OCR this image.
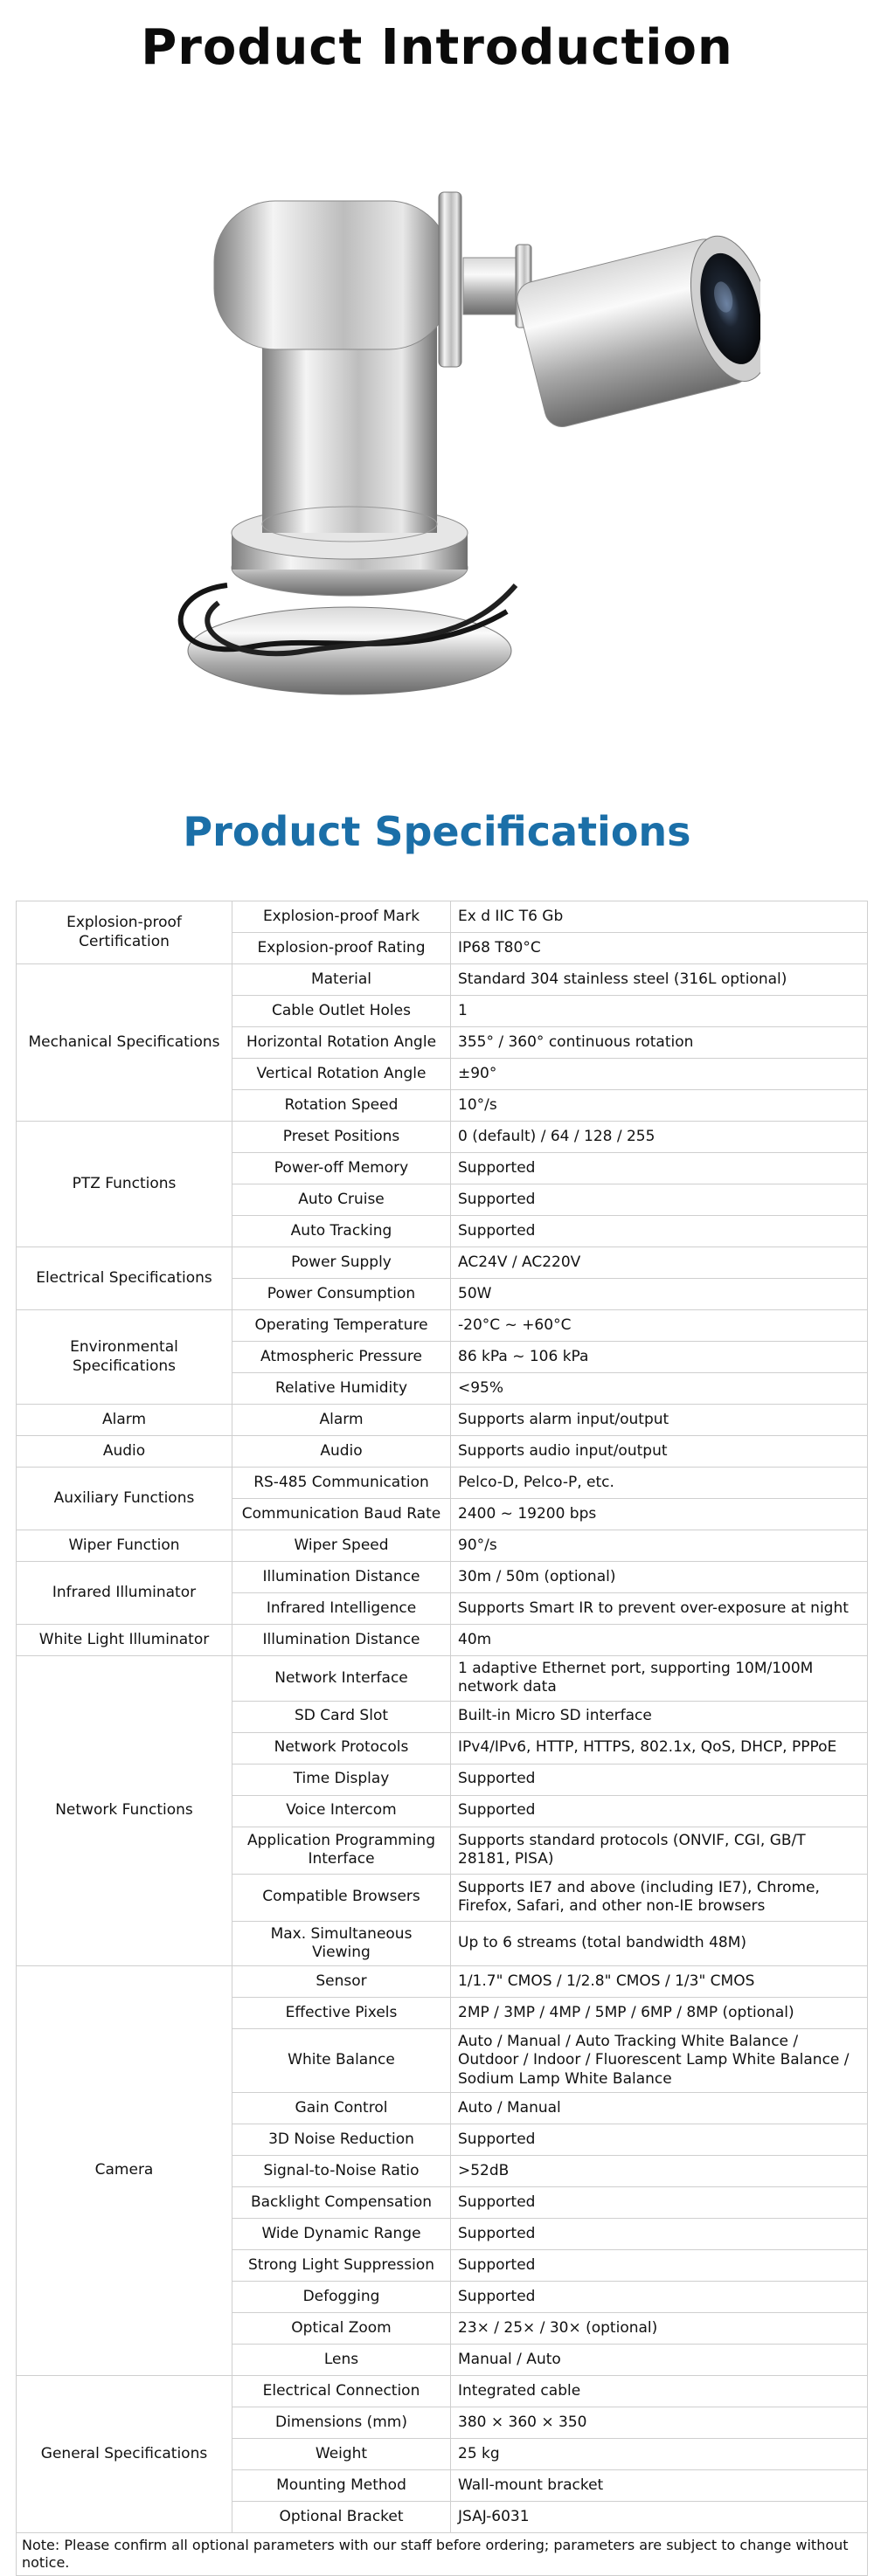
Product Introduction
Product Specifications
Explosion-proof Certification	Explosion-proof Mark	Ex d IIC T6 Gb
	Explosion-proof Rating	IP68 T80°C
Mechanical Specifications	Material	Standard 304 stainless steel (316L optional)
	Cable Outlet Holes	1
	Horizontal Rotation Angle	355° / 360° continuous rotation
	Vertical Rotation Angle	±90°
	Rotation Speed	10°/s
PTZ Functions	Preset Positions	0 (default) / 64 / 128 / 255
	Power-off Memory	Supported
	Auto Cruise	Supported
	Auto Tracking	Supported
Electrical Specifications	Power Supply	AC24V / AC220V
	Power Consumption	50W
Environmental Specifications	Operating Temperature	-20°C ~ +60°C
	Atmospheric Pressure	86 kPa ~ 106 kPa
	Relative Humidity	<95%
Alarm	Alarm	Supports alarm input/output
Audio	Audio	Supports audio input/output
Auxiliary Functions	RS-485 Communication	Pelco-D, Pelco-P, etc.
	Communication Baud Rate	2400 ~ 19200 bps
Wiper Function	Wiper Speed	90°/s
Infrared Illuminator	Illumination Distance	30m / 50m (optional)
	Infrared Intelligence	Supports Smart IR to prevent over-exposure at night
White Light Illuminator	Illumination Distance	40m
Network Functions	Network Interface	1 adaptive Ethernet port, supporting 10M/100M network data
	SD Card Slot	Built-in Micro SD interface
	Network Protocols	IPv4/IPv6, HTTP, HTTPS, 802.1x, QoS, DHCP, PPPoE
	Time Display	Supported
	Voice Intercom	Supported
	Application Programming Interface	Supports standard protocols (ONVIF, CGI, GB/T 28181, PISA)
	Compatible Browsers	Supports IE7 and above (including IE7), Chrome, Firefox, Safari, and other non-IE browsers
	Max. Simultaneous Viewing	Up to 6 streams (total bandwidth 48M)
Camera	Sensor	1/1.7" CMOS / 1/2.8" CMOS / 1/3" CMOS
	Effective Pixels	2MP / 3MP / 4MP / 5MP / 6MP / 8MP (optional)
	White Balance	Auto / Manual / Auto Tracking White Balance / Outdoor / Indoor / Fluorescent Lamp White Balance / Sodium Lamp White Balance
	Gain Control	Auto / Manual
	3D Noise Reduction	Supported
	Signal-to-Noise Ratio	>52dB
	Backlight Compensation	Supported
	Wide Dynamic Range	Supported
	Strong Light Suppression	Supported
	Defogging	Supported
	Optical Zoom	23× / 25× / 30× (optional)
	Lens	Manual / Auto
General Specifications	Electrical Connection	Integrated cable
	Dimensions (mm)	380 × 360 × 350
	Weight	25 kg
	Mounting Method	Wall-mount bracket
	Optional Bracket	JSAJ-6031
Note: Please confirm all optional parameters with our staff before ordering; parameters are subject to change without notice.		
